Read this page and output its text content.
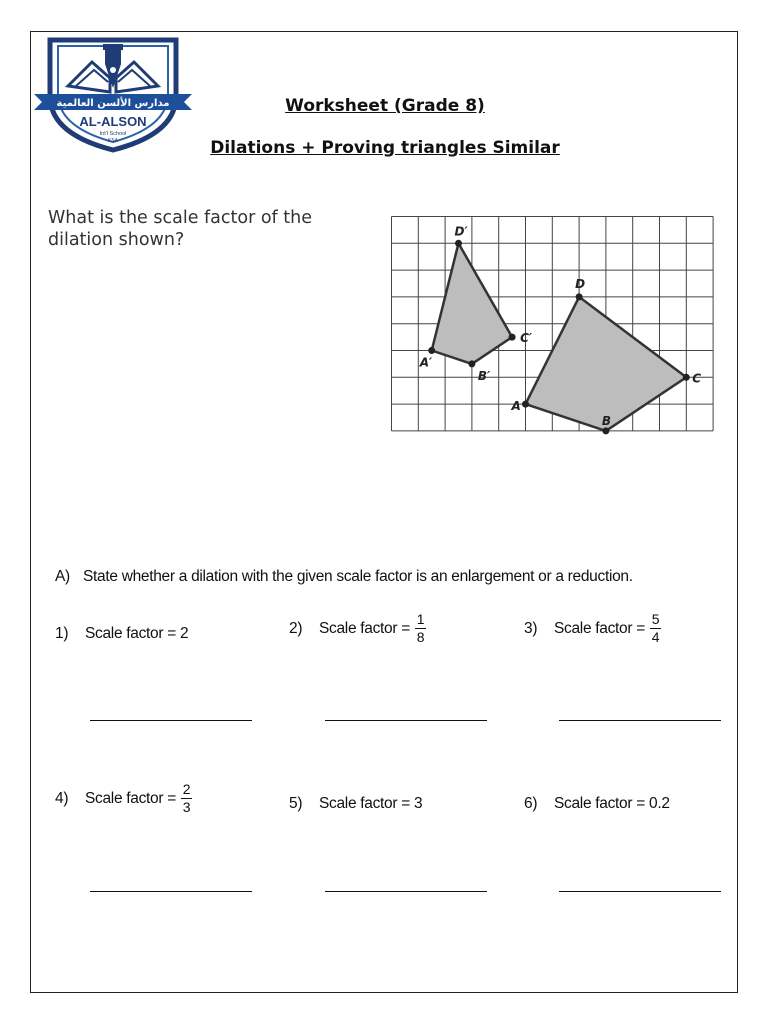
مدارس الألسن العالمية
AL-ALSON
Int'l School
KSA
Worksheet (Grade 8)
Dilations + Proving triangles Similar
What is the scale factor of the dilation shown?
A′
B′
C′
D′
A
B
C
D
A) State whether a dilation with the given scale factor is an enlargement or a reduction.
1)	Scale factor = 2	2)	Scale factor = $\frac{1}{8}$	3)	Scale factor = $\frac{5}{4}$
4)	Scale factor = $\frac{2}{3}$	5)	Scale factor = 3	6)	Scale factor = 0.2
